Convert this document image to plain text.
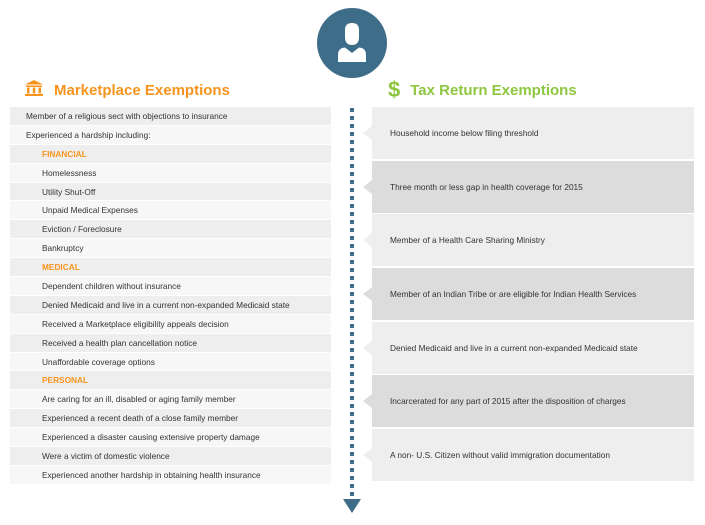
Marketplace Exemptions	$ Tax Return Exemptions
Member of a religious sect with objections to insurance
Experienced a hardship including:
FINANCIAL
Homelessness
Utility Shut-Off
Unpaid Medical Expenses
Eviction / Foreclosure
Bankruptcy
MEDICAL
Dependent children without insurance
Denied Medicaid and live in a current non-expanded Medicaid state
Received a Marketplace eligibility appeals decision
Received a health plan cancellation notice
Unaffordable coverage options
PERSONAL
Are caring for an ill, disabled or aging family member
Experienced a recent death of a close family member
Experienced a disaster causing extensive property damage
Were a victim of domestic violence
Experienced another hardship in obtaining health insurance
Household income below filing threshold
Three month or less gap in health coverage for 2015
Member of a Health Care Sharing Ministry
Member of an Indian Tribe or are eligible for Indian Health Services
Denied Medicaid and live in a current non-expanded Medicaid state
Incarcerated for any part of 2015 after the disposition of charges
A non- U.S. Citizen without valid immigration documentation
